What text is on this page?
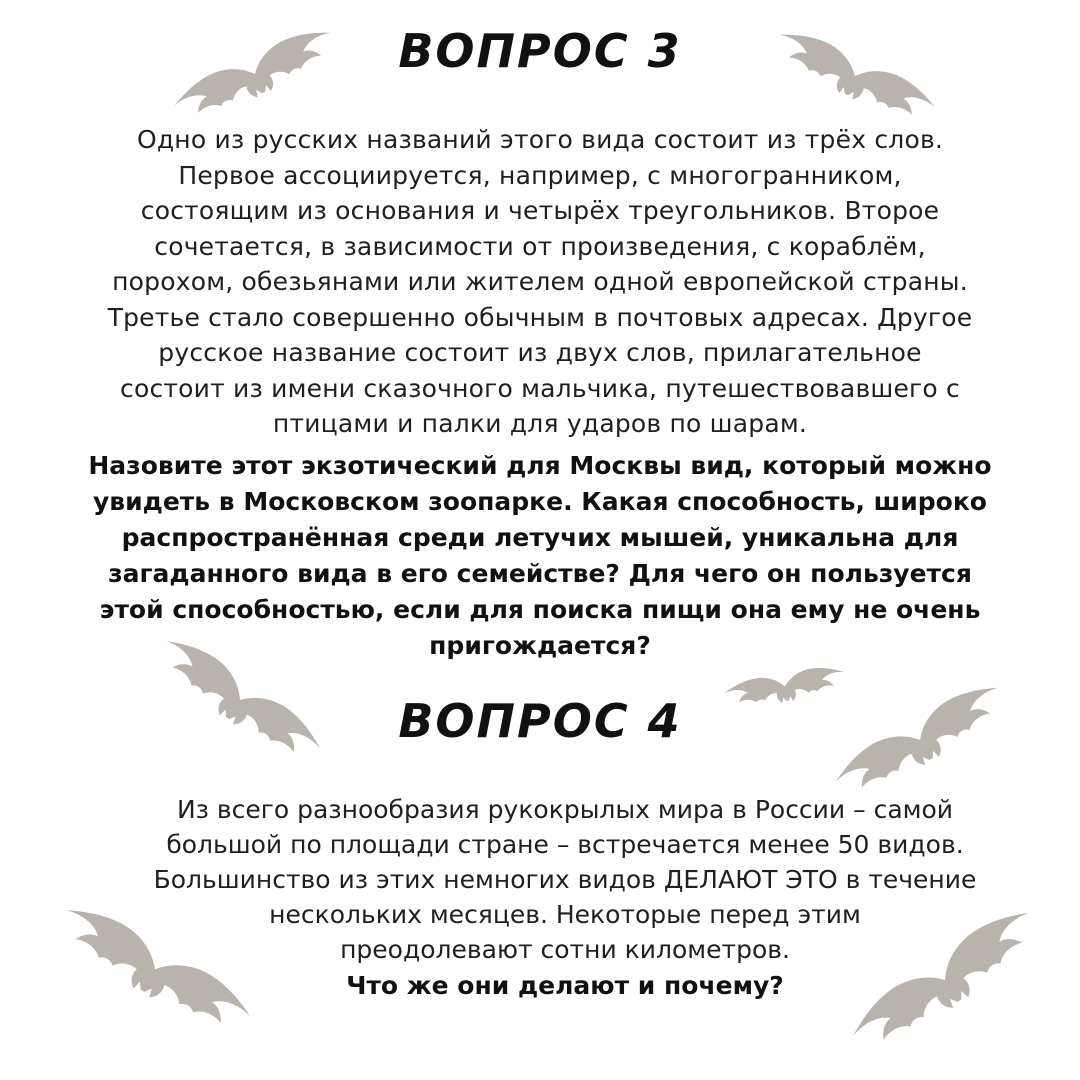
ВОПРОС 3
Одно из русских названий этого вида состоит из трёх слов.
Первое ассоциируется, например, с многогранником,
состоящим из основания и четырёх треугольников. Второе
сочетается, в зависимости от произведения, с кораблём,
порохом, обезьянами или жителем одной европейской страны.
Третье стало совершенно обычным в почтовых адресах. Другое
русское название состоит из двух слов, прилагательное
состоит из имени сказочного мальчика, путешествовавшего с
птицами и палки для ударов по шарам.
Назовите этот экзотический для Москвы вид, который можно
увидеть в Московском зоопарке. Какая способность, широко
распространённая среди летучих мышей, уникальна для
загаданного вида в его семействе? Для чего он пользуется
этой способностью, если для поиска пищи она ему не очень
пригождается?
ВОПРОС 4
Из всего разнообразия рукокрылых мира в России – самой
большой по площади стране – встречается менее 50 видов.
Большинство из этих немногих видов ДЕЛАЮТ ЭТО в течение
нескольких месяцев. Некоторые перед этим
преодолевают сотни километров.
Что же они делают и почему?
